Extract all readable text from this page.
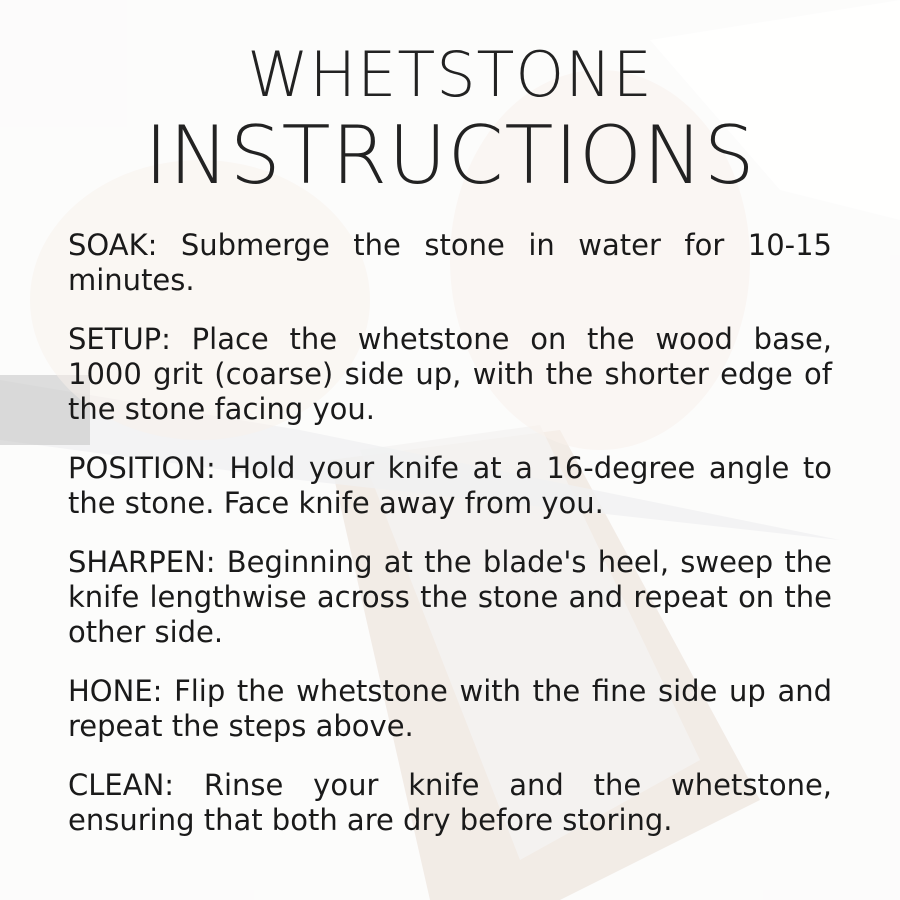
WHETSTONE
INSTRUCTIONS

SOAK: Submerge the stone in water for 10-15 minutes.

SETUP: Place the whetstone on the wood base, 1000 grit (coarse) side up, with the shorter edge of the stone facing you.

POSITION: Hold your knife at a 16-degree angle to the stone. Face knife away from you.

SHARPEN: Beginning at the blade's heel, sweep the knife lengthwise across the stone and repeat on the other side.

HONE: Flip the whetstone with the fine side up and repeat the steps above.

CLEAN: Rinse your knife and the whetstone, ensuring that both are dry before storing.
